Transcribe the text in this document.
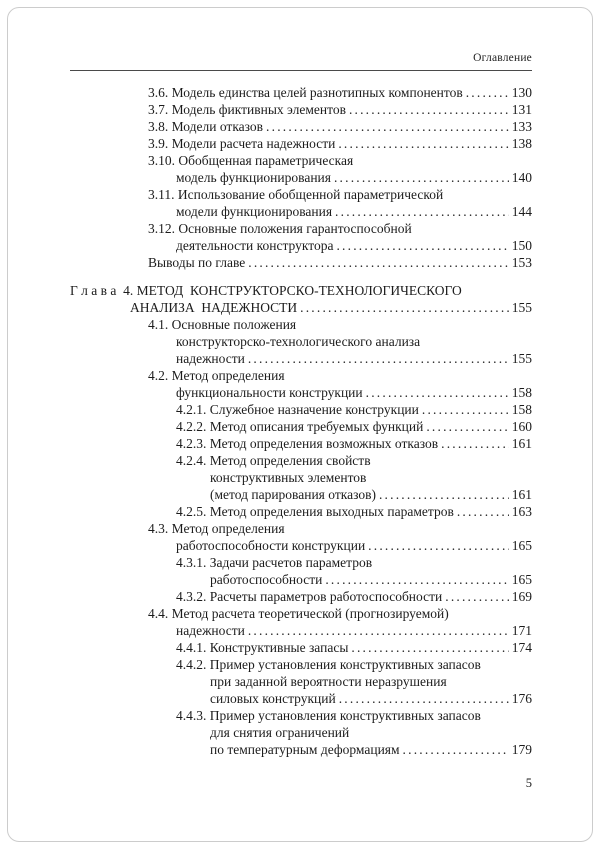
Оглавление
3.6. Модель единства целей разнотипных компонентов .....	130
3.7. Модель фиктивных элементов .....	131
3.8. Модели отказов .....	133
3.9. Модели расчета надежности .....	138
3.10. Обобщенная параметрическая
модель функционирования .....	140
3.11. Использование обобщенной параметрической
модели функционирования .....	144
3.12. Основные положения гарантоспособной
деятельности конструктора .....	150
Выводы по главе .....	153
Г л а в а  4. МЕТОД  КОНСТРУКТОРСКО-ТЕХНОЛОГИЧЕСКОГО
АНАЛИЗА  НАДЕЖНОСТИ .....	155
4.1. Основные положения
конструкторско-технологического анализа
надежности .....	155
4.2. Метод определения
функциональности конструкции .....	158
4.2.1. Служебное назначение конструкции .....	158
4.2.2. Метод описания требуемых функций .....	160
4.2.3. Метод определения возможных отказов .....	161
4.2.4. Метод определения свойств
конструктивных элементов
(метод парирования отказов) .....	161
4.2.5. Метод определения выходных параметров .....	163
4.3. Метод определения
работоспособности конструкции .....	165
4.3.1. Задачи расчетов параметров
работоспособности .....	165
4.3.2. Расчеты параметров работоспособности .....	169
4.4. Метод расчета теоретической (прогнозируемой)
надежности .....	171
4.4.1. Конструктивные запасы .....	174
4.4.2. Пример установления конструктивных запасов
при заданной вероятности неразрушения
силовых конструкций .....	176
4.4.3. Пример установления конструктивных запасов
для снятия ограничений
по температурным деформациям .....	179
5
